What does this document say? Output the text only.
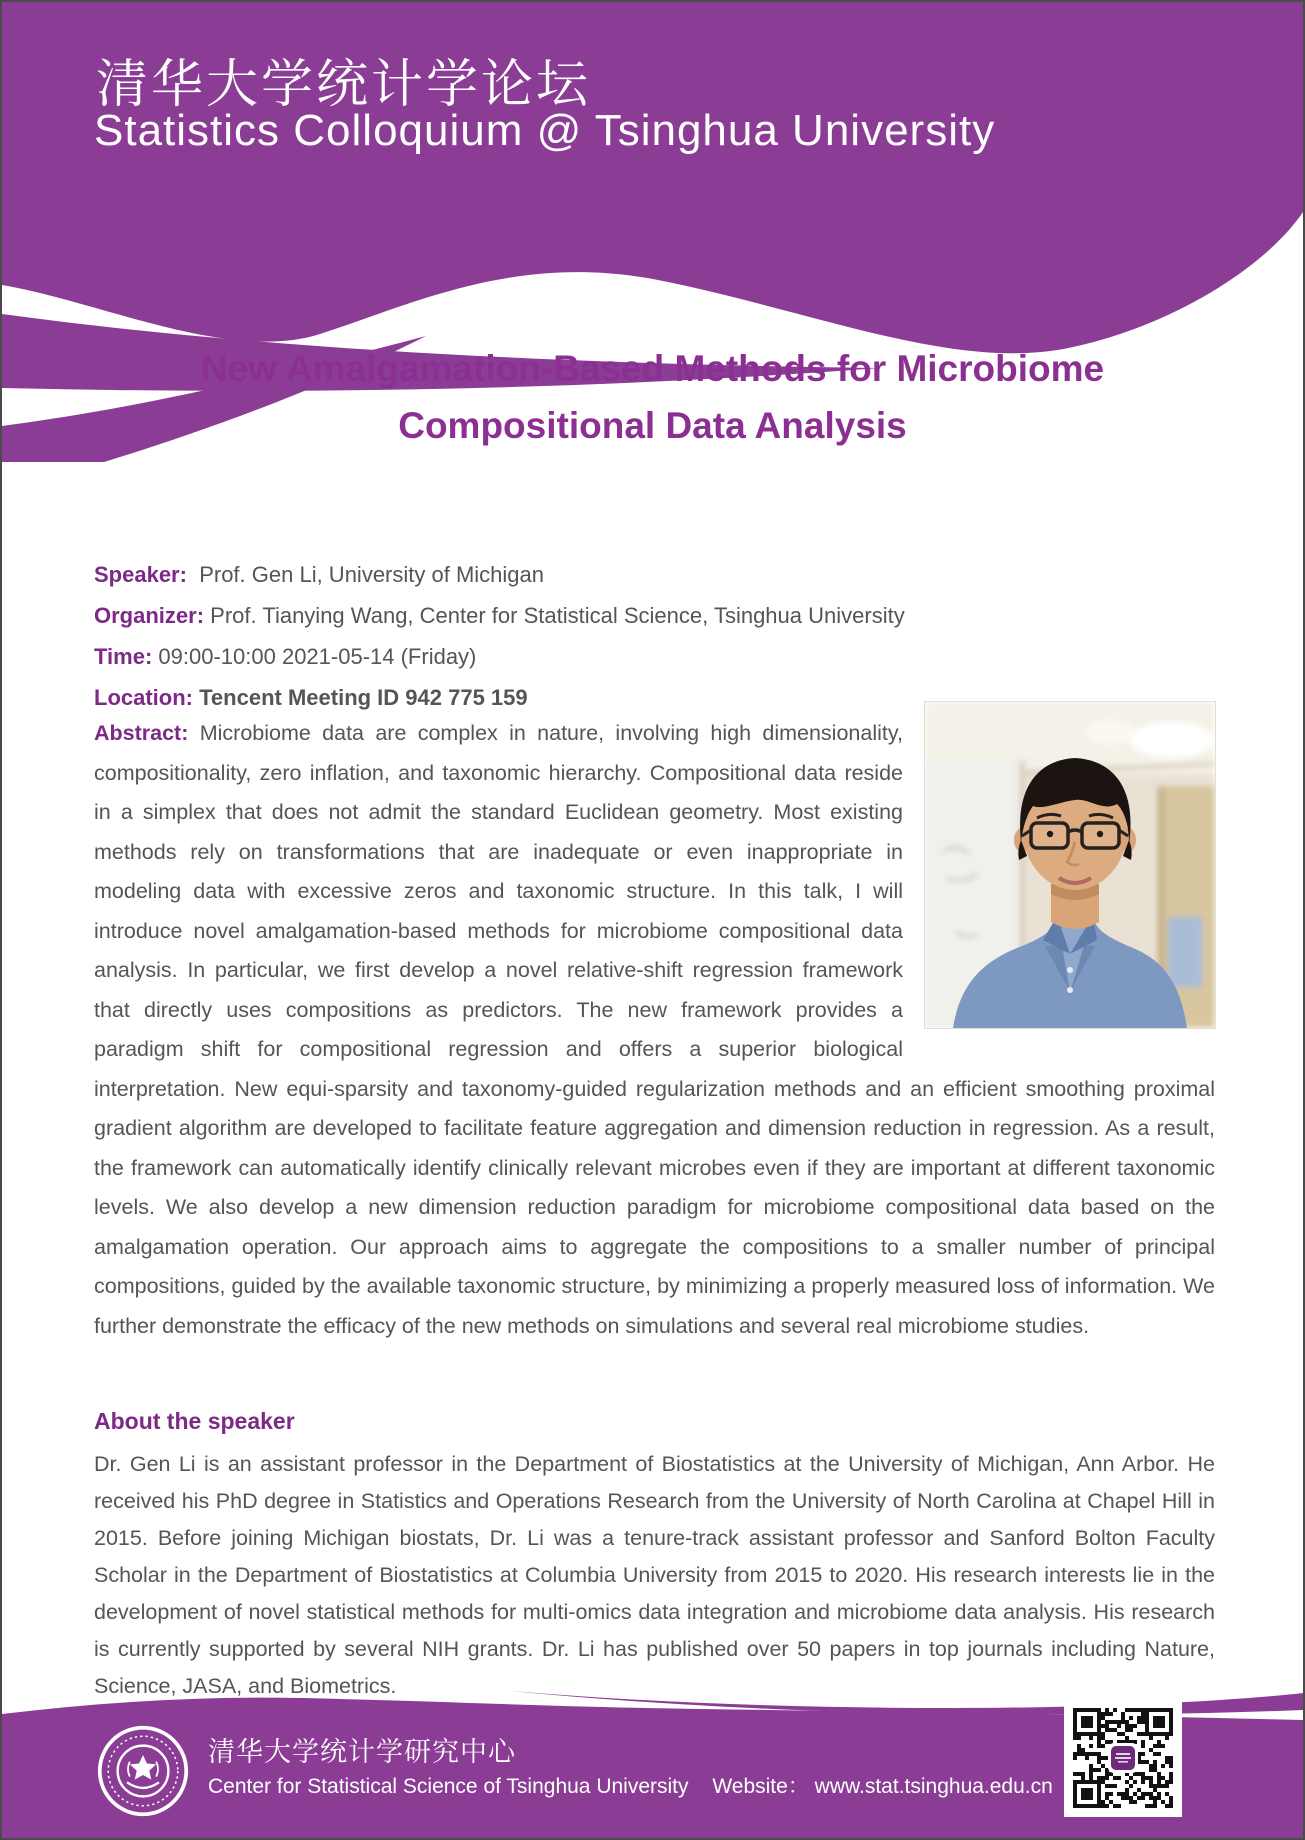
清华大学统计学论坛
Statistics Colloquium @ Tsinghua University
New Amalgamation-Based Methods for Microbiome
Compositional Data Analysis
Speaker: Prof. Gen Li, University of Michigan
Organizer: Prof. Tianying Wang, Center for Statistical Science, Tsinghua University
Time: 09:00-10:00 2021-05-14 (Friday)
Location: Tencent Meeting ID 942 775 159
Abstract: Microbiome data are complex in nature, involving high dimensionality, compositionality, zero inflation, and taxonomic hierarchy. Compositional data reside in a simplex that does not admit the standard Euclidean geometry. Most existing methods rely on transformations that are inadequate or even inappropriate in modeling data with excessive zeros and taxonomic structure. In this talk, I will introduce novel amalgamation-based methods for microbiome compositional data analysis. In particular, we first develop a novel relative-shift regression framework that directly uses compositions as predictors. The new framework provides a paradigm shift for compositional regression and offers a superior biological interpretation. New equi-sparsity and taxonomy-guided regularization methods and an efficient smoothing proximal gradient algorithm are developed to facilitate feature aggregation and dimension reduction in regression. As a result, the framework can automatically identify clinically relevant microbes even if they are important at different taxonomic levels. We also develop a new dimension reduction paradigm for microbiome compositional data based on the amalgamation operation. Our approach aims to aggregate the compositions to a smaller number of principal compositions, guided by the available taxonomic structure, by minimizing a properly measured loss of information. We further demonstrate the efficacy of the new methods on simulations and several real microbiome studies.
About the speaker
Dr. Gen Li is an assistant professor in the Department of Biostatistics at the University of Michigan, Ann Arbor. He received his PhD degree in Statistics and Operations Research from the University of North Carolina at Chapel Hill in 2015. Before joining Michigan biostats, Dr. Li was a tenure-track assistant professor and Sanford Bolton Faculty Scholar in the Department of Biostatistics at Columbia University from 2015 to 2020. His research interests lie in the development of novel statistical methods for multi-omics data integration and microbiome data analysis. His research is currently supported by several NIH grants. Dr. Li has published over 50 papers in top journals including Nature, Science, JASA, and Biometrics.
清华大学统计学研究中心
Center for Statistical Science of Tsinghua University Website： www.stat.tsinghua.edu.cn
